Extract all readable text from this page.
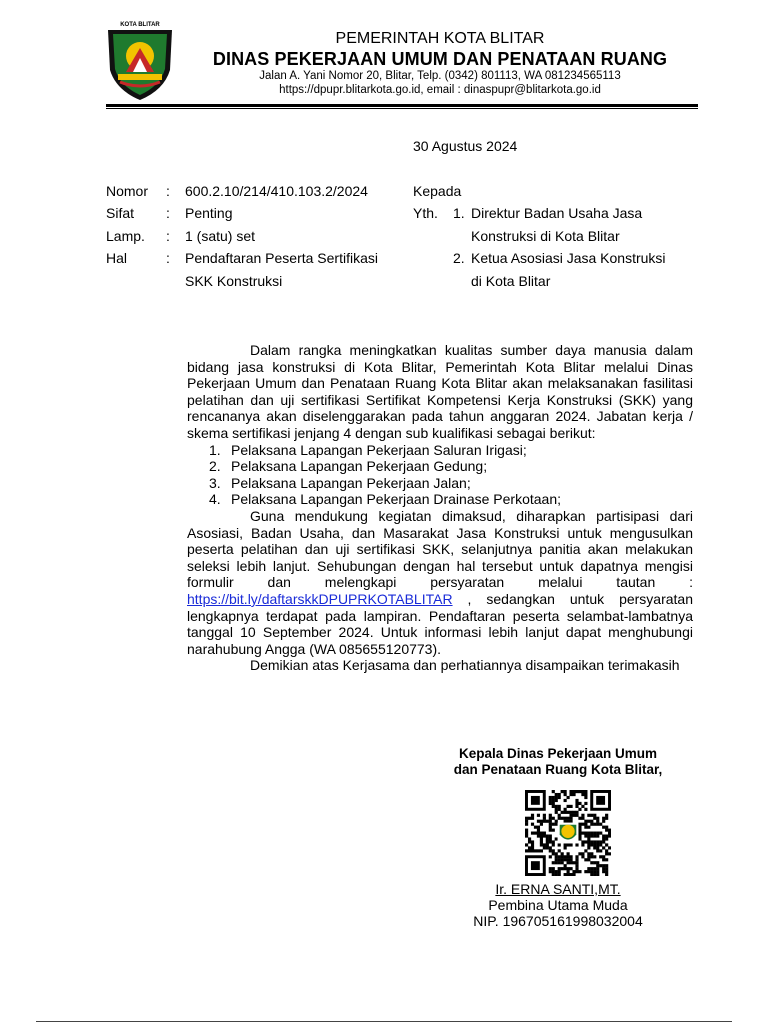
KOTA BLITAR
PEMERINTAH KOTA BLITAR
DINAS PEKERJAAN UMUM DAN PENATAAN RUANG
Jalan A. Yani Nomor 20, Blitar, Telp. (0342) 801113, WA 081234565113
https://dpupr.blitarkota.go.id, email : dinaspupr@blitarkota.go.id
30 Agustus 2024
Nomor : 600.2.10/214/410.103.2/2024
Sifat : Penting
Lamp. : 1 (satu) set
Hal	: Pendaftaran Peserta Sertifikasi
SKK Konstruksi
Kepada
Yth. 1. Direktur Badan Usaha Jasa
Konstruksi di Kota Blitar
2. Ketua Asosiasi Jasa Konstruksi
di Kota Blitar

Dalam rangka meningkatkan kualitas sumber daya manusia dalam bidang jasa konstruksi di Kota Blitar, Pemerintah Kota Blitar melalui Dinas Pekerjaan Umum dan Penataan Ruang Kota Blitar akan melaksanakan fasilitasi pelatihan dan uji sertifikasi Sertifikat Kompetensi Kerja Konstruksi (SKK) yang rencananya akan diselenggarakan pada tahun anggaran 2024. Jabatan kerja / skema sertifikasi jenjang 4 dengan sub kualifikasi sebagai berikut:

1. Pelaksana Lapangan Pekerjaan Saluran Irigasi;
2. Pelaksana Lapangan Pekerjaan Gedung;
3. Pelaksana Lapangan Pekerjaan Jalan;
4. Pelaksana Lapangan Pekerjaan Drainase Perkotaan;

Guna mendukung kegiatan dimaksud, diharapkan partisipasi dari Asosiasi, Badan Usaha, dan Masarakat Jasa Konstruksi untuk mengusulkan peserta pelatihan dan uji sertifikasi SKK, selanjutnya panitia akan melakukan seleksi lebih lanjut. Sehubungan dengan hal tersebut untuk dapatnya mengisi formulir dan melengkapi persyaratan melalui tautan : https://bit.ly/daftarskkDPUPRKOTABLITAR , sedangkan untuk persyaratan lengkapnya terdapat pada lampiran. Pendaftaran peserta selambat-lambatnya tanggal 10 September 2024. Untuk informasi lebih lanjut dapat menghubungi narahubung Angga (WA 085655120773).

Demikian atas Kerjasama dan perhatiannya disampaikan terimakasih

Kepala Dinas Pekerjaan Umum
dan Penataan Ruang Kota Blitar,
Ir. ERNA SANTI,MT.
Pembina Utama Muda
NIP. 196705161998032004
